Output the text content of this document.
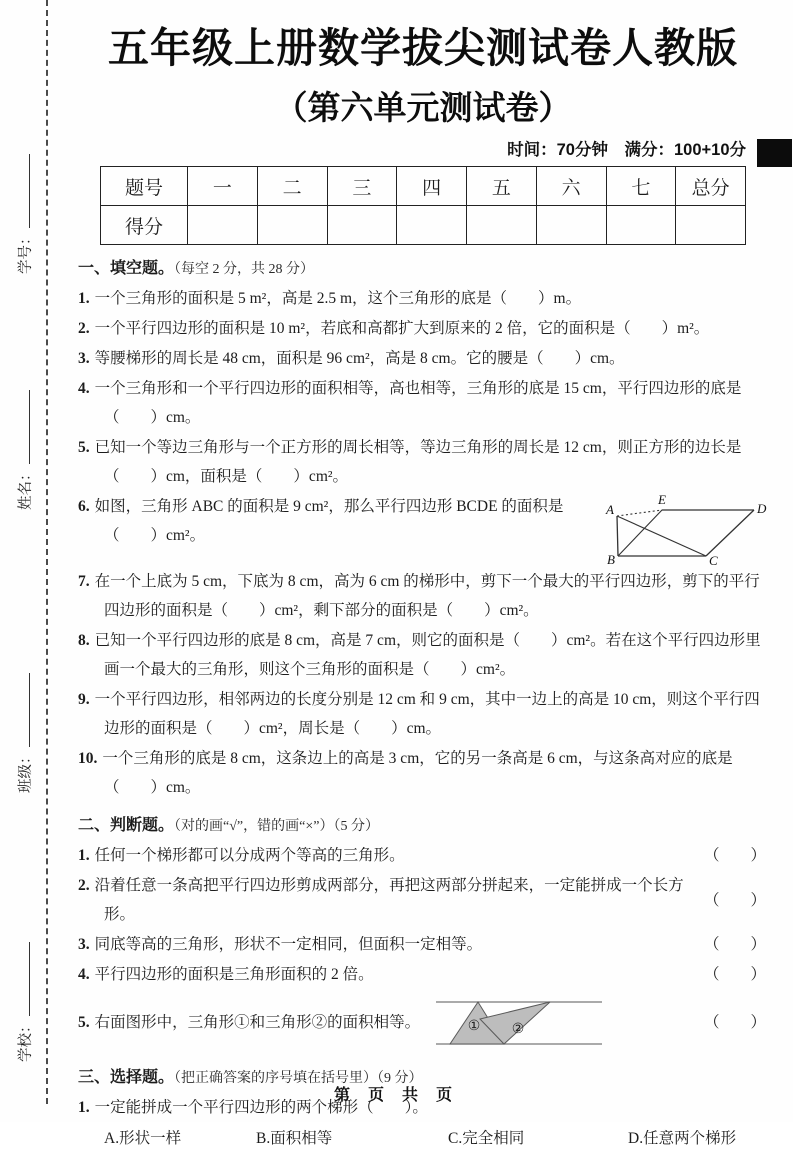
学号：
姓名：
班级：
学校：
五年级上册数学拔尖测试卷人教版
（第六单元测试卷）
时间：70分钟　满分：100+10分
题号	一	二	三	四	五	六	七	总分
得分								
一、填空题。（每空 2 分，共 28 分）
1. 一个三角形的面积是 5 m²，高是 2.5 m，这个三角形的底是（　　）m。
2. 一个平行四边形的面积是 10 m²，若底和高都扩大到原来的 2 倍，它的面积是（　　）m²。
3. 等腰梯形的周长是 48 cm，面积是 96 cm²，高是 8 cm。它的腰是（　　）cm。
4. 一个三角形和一个平行四边形的面积相等，高也相等，三角形的底是 15 cm，平行四边形的底是（　　）cm。
5. 已知一个等边三角形与一个正方形的周长相等，等边三角形的周长是 12 cm，则正方形的边长是（　　）cm，面积是（　　）cm²。
6. 如图，三角形 ABC 的面积是 9 cm²，那么平行四边形 BCDE 的面积是（　　）cm²。
A
E
D
B	C
7. 在一个上底为 5 cm，下底为 8 cm，高为 6 cm 的梯形中，剪下一个最大的平行四边形，剪下的平行四边形的面积是（　　）cm²，剩下部分的面积是（　　）cm²。
8. 已知一个平行四边形的底是 8 cm，高是 7 cm，则它的面积是（　　）cm²。若在这个平行四边形里画一个最大的三角形，则这个三角形的面积是（　　）cm²。
9. 一个平行四边形，相邻两边的长度分别是 12 cm 和 9 cm，其中一边上的高是 10 cm，则这个平行四边形的面积是（　　）cm²，周长是（　　）cm。
10. 一个三角形的底是 8 cm，这条边上的高是 3 cm，它的另一条高是 6 cm，与这条高对应的底是（　　）cm。
二、判断题。（对的画“√”，错的画“×”）（5 分）
1. 任何一个梯形都可以分成两个等高的三角形。	（　　）
2. 沿着任意一条高把平行四边形剪成两部分，再把这两部分拼起来，一定能拼成一个长方形。
（　　）
3. 同底等高的三角形，形状不一定相同，但面积一定相等。	（　　）
4. 平行四边形的面积是三角形面积的 2 倍。	（　　）
5. 右面图形中，三角形①和三角形②的面积相等。	① ②	（　　）
三、选择题。（把正确答案的序号填在括号里）（9 分）
1. 一定能拼成一个平行四边形的两个梯形（　　）。
A.形状一样	B.面积相等	C.完全相同	D.任意两个梯形
第 页 共 页
